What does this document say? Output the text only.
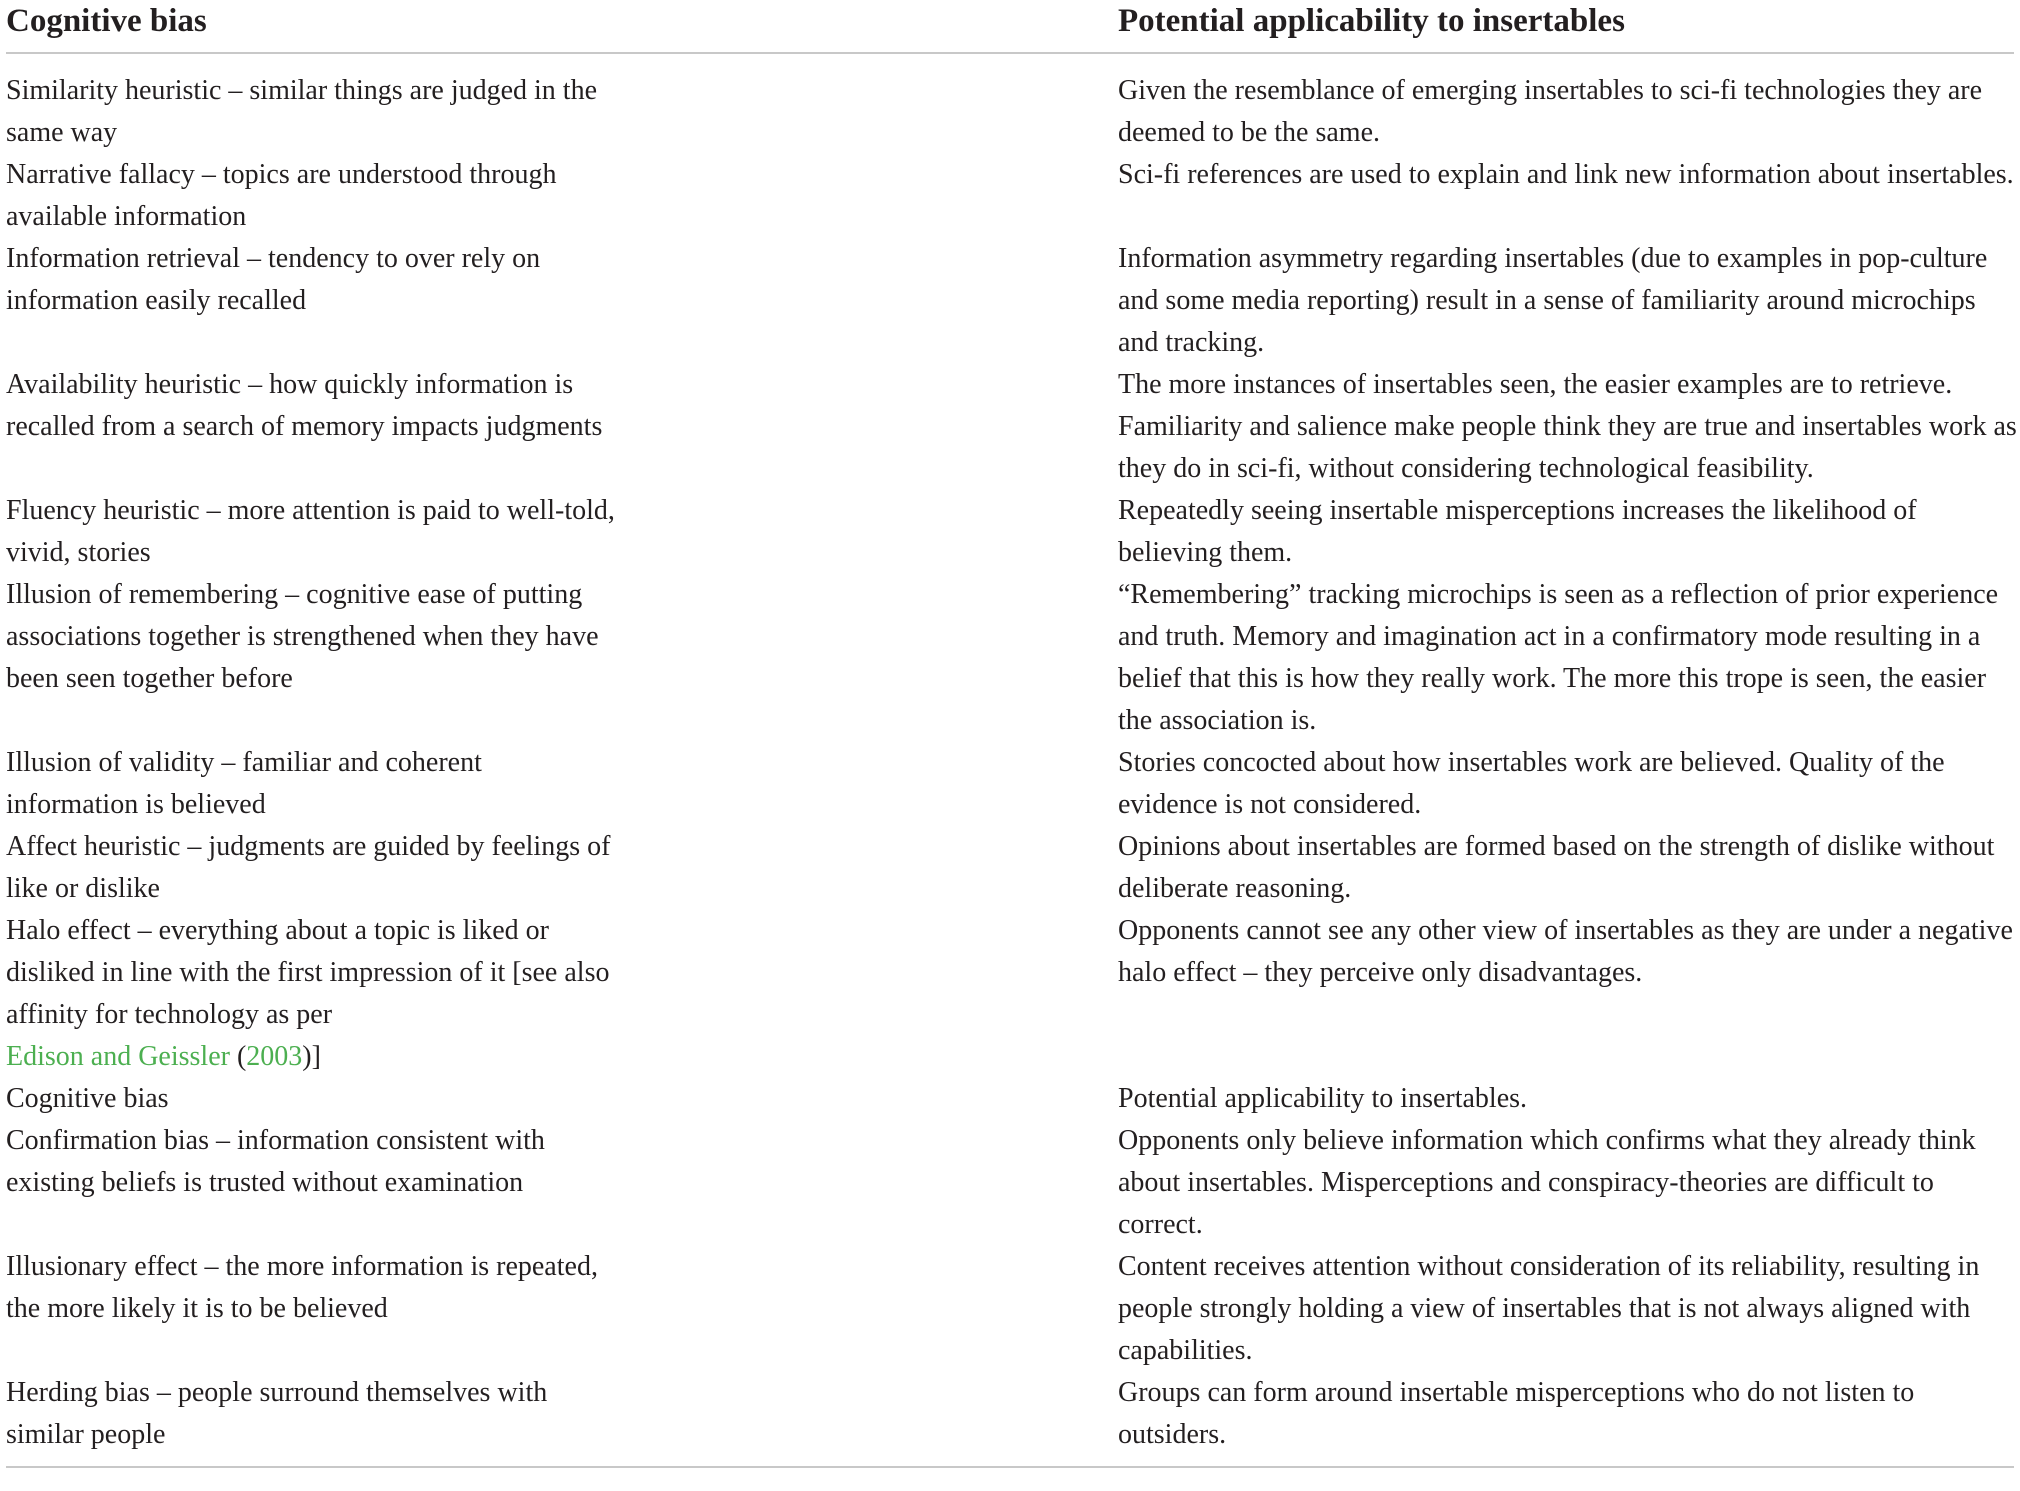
Cognitive bias	Potential applicability to insertables

Similarity heuristic – similar things are judged in the same way	Given the resemblance of emerging insertables to sci-fi technologies they are deemed to be the same.

Narrative fallacy – topics are understood through available information	Sci-fi references are used to explain and link new information about insertables.

Information retrieval – tendency to over rely on information easily recalled	Information asymmetry regarding insertables (due to examples in pop-culture and some media reporting) result in a sense of familiarity around microchips and tracking.

Availability heuristic – how quickly information is recalled from a search of memory impacts judgments	The more instances of insertables seen, the easier examples are to retrieve. Familiarity and salience make people think they are true and insertables work as they do in sci-fi, without considering technological feasibility.

Fluency heuristic – more attention is paid to well-told, vivid, stories	Repeatedly seeing insertable misperceptions increases the likelihood of believing them.

Illusion of remembering – cognitive ease of putting associations together is strengthened when they have been seen together before	“Remembering” tracking microchips is seen as a reflection of prior experience and truth. Memory and imagination act in a confirmatory mode resulting in a belief that this is how they really work. The more this trope is seen, the easier the association is.

Illusion of validity – familiar and coherent information is believed	Stories concocted about how insertables work are believed. Quality of the evidence is not considered.

Affect heuristic – judgments are guided by feelings of like or dislike	Opinions about insertables are formed based on the strength of dislike without deliberate reasoning.

Halo effect – everything about a topic is liked or disliked in line with the first impression of it [see also affinity for technology as per
Edison and Geissler (2003)]	Opponents cannot see any other view of insertables as they are under a negative halo effect – they perceive only disadvantages.

Cognitive bias	Potential applicability to insertables.

Confirmation bias – information consistent with existing beliefs is trusted without examination	Opponents only believe information which confirms what they already think about insertables. Misperceptions and conspiracy-theories are difficult to correct.

Illusionary effect – the more information is repeated, the more likely it is to be believed	Content receives attention without consideration of its reliability, resulting in people strongly holding a view of insertables that is not always aligned with capabilities.

Herding bias – people surround themselves with similar people	Groups can form around insertable misperceptions who do not listen to outsiders.
